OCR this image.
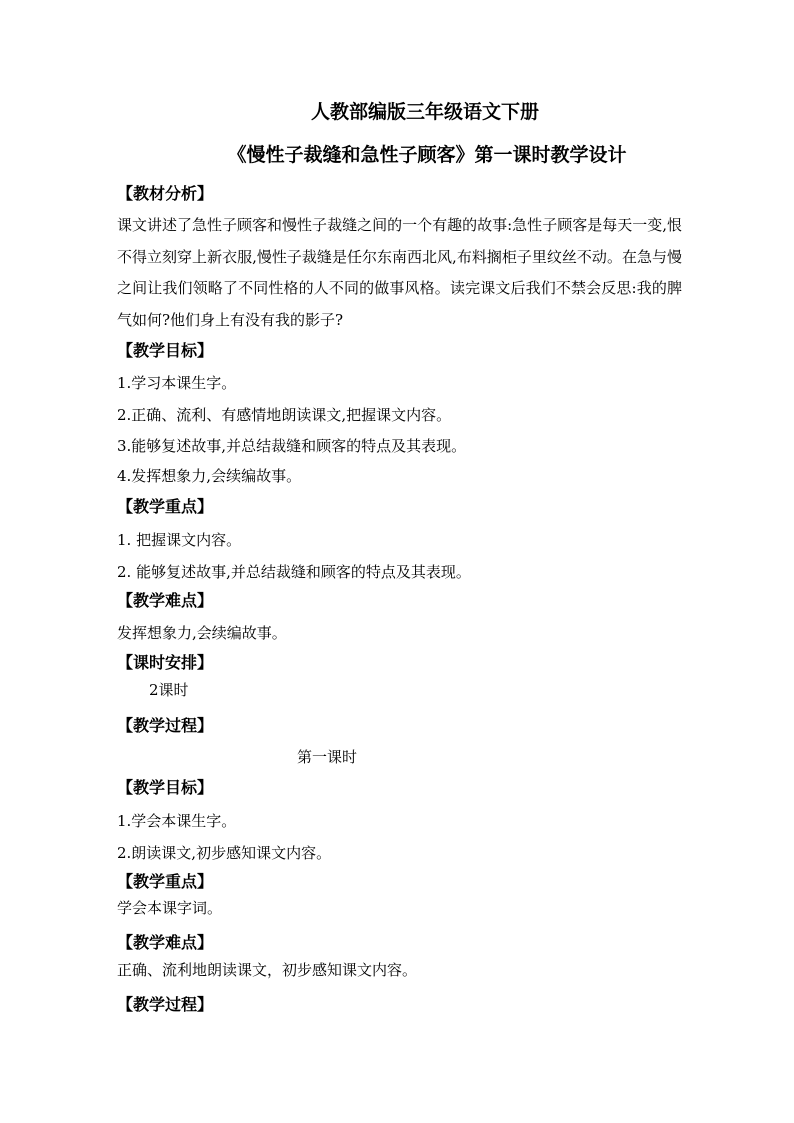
人教部编版三年级语文下册
《慢性子裁缝和急性子顾客》第一课时教学设计
【教材分析】
课文讲述了急性子顾客和慢性子裁缝之间的一个有趣的故事:急性子顾客是每天一变,恨不得立刻穿上新衣服,慢性子裁缝是任尔东南西北风,布料搁柜子里纹丝不动。在急与慢之间让我们领略了不同性格的人不同的做事风格。读完课文后我们不禁会反思:我的脾气如何?他们身上有没有我的影子?
【教学目标】
1.学习本课生字。
2.正确、流利、有感情地朗读课文,把握课文内容。
3.能够复述故事,并总结裁缝和顾客的特点及其表现。
4.发挥想象力,会续编故事。
【教学重点】
1. 把握课文内容。
2. 能够复述故事,并总结裁缝和顾客的特点及其表现。
【教学难点】
发挥想象力,会续编故事。
【课时安排】
2课时
【教学过程】
第一课时
【教学目标】
1.学会本课生字。
2.朗读课文,初步感知课文内容。
【教学重点】
学会本课字词。
【教学难点】
正确、流利地朗读课文，初步感知课文内容。
【教学过程】
